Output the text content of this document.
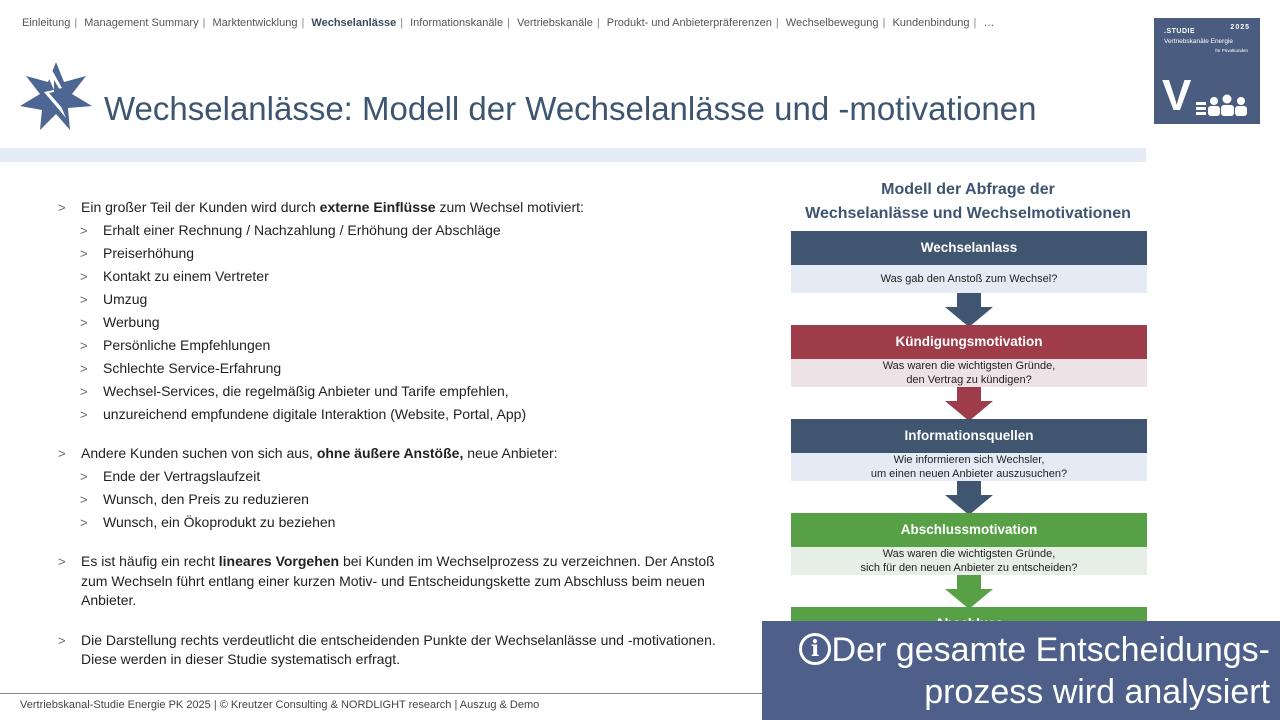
Einleitung | Management Summary | Marktentwicklung | Wechselanlässe | Informationskanäle | Vertriebskanäle | Produkt- und Anbieterpräferenzen | Wechselbewegung | Kundenbindung | …
.STUDIE
2025
Vertriebskanäle Energie
für Privatkunden
V
Wechselanlässe: Modell der Wechselanlässe und -motivationen

> Ein großer Teil der Kunden wird durch externe Einflüsse zum Wechsel motiviert:

> Erhalt einer Rechnung / Nachzahlung / Erhöhung der Abschläge

> Preiserhöhung

> Kontakt zu einem Vertreter

> Umzug

> Werbung

> Persönliche Empfehlungen

> Schlechte Service-Erfahrung

> Wechsel-Services, die regelmäßig Anbieter und Tarife empfehlen,

> unzureichend empfundene digitale Interaktion (Website, Portal, App)

> Andere Kunden suchen von sich aus, ohne äußere Anstöße, neue Anbieter:

> Ende der Vertragslaufzeit

> Wunsch, den Preis zu reduzieren

> Wunsch, ein Ökoprodukt zu beziehen

> Es ist häufig ein recht lineares Vorgehen bei Kunden im Wechselprozess zu verzeichnen. Der Anstoß zum Wechseln führt entlang einer kurzen Motiv- und Entscheidungskette zum Abschluss beim neuen Anbieter.

> Die Darstellung rechts verdeutlicht die entscheidenden Punkte der Wechselanlässe und -motivationen. Diese werden in dieser Studie systematisch erfragt.

Modell der Abfrage der
Wechselanlässe und Wechselmotivationen

Wechselanlass
Was gab den Anstoß zum Wechsel?
Kündigungsmotivation
Was waren die wichtigsten Gründe,
den Vertrag zu kündigen?
Informationsquellen
Wie informieren sich Wechsler,
um einen neuen Anbieter auszusuchen?
Abschlussmotivation
Was waren die wichtigsten Gründe,
sich für den neuen Anbieter zu entscheiden?
Vertriebskanal-Studie Energie PK 2025 | © Kreutzer Consulting & NORDLIGHT research | Auszug & Demo
i Der gesamte Entscheidungs-
prozess wird analysiert
